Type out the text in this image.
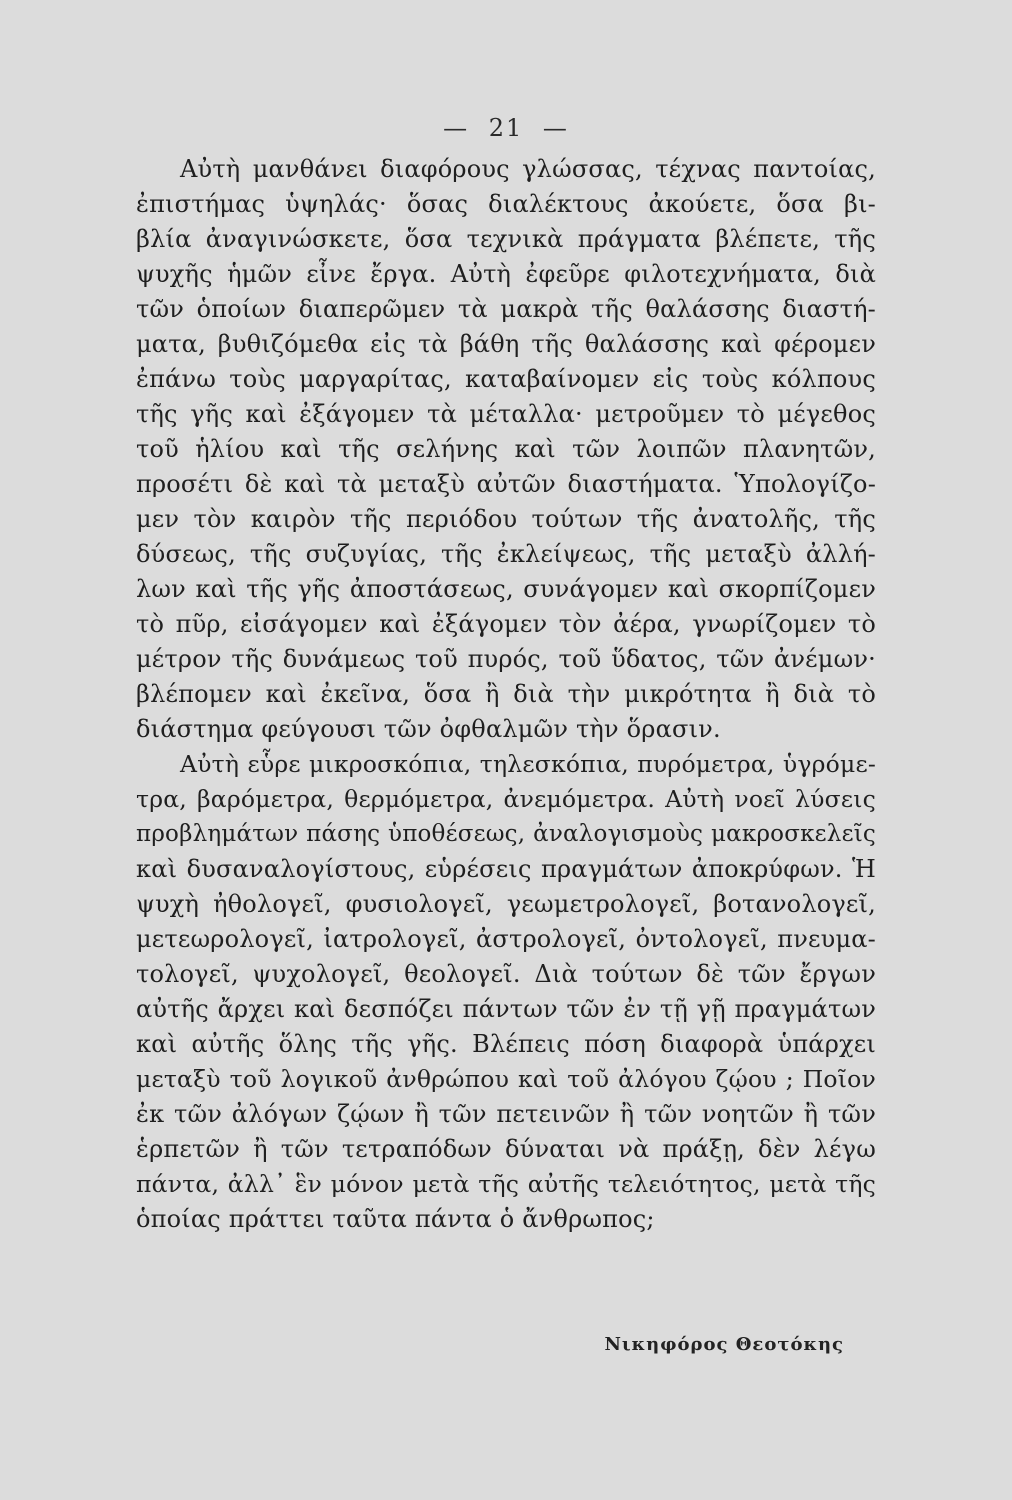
— 21 —
Αὐτὴ μανθάνει διαφόρους γλώσσας, τέχνας παντοίας,
ἐπιστήμας ὑψηλάς· ὅσας διαλέκτους ἀκούετε, ὅσα βι-
βλία ἀναγινώσκετε, ὅσα τεχνικὰ πράγματα βλέπετε, τῆς
ψυχῆς ἡμῶν εἶνε ἔργα. Αὐτὴ ἐφεῦρε φιλοτεχνήματα, διὰ
τῶν ὁποίων διαπερῶμεν τὰ μακρὰ τῆς θαλάσσης διαστή-
ματα, βυθιζόμεθα εἰς τὰ βάθη τῆς θαλάσσης καὶ φέρομεν
ἐπάνω τοὺς μαργαρίτας, καταβαίνομεν εἰς τοὺς κόλπους
τῆς γῆς καὶ ἐξάγομεν τὰ μέταλλα· μετροῦμεν τὸ μέγεθος
τοῦ ἡλίου καὶ τῆς σελήνης καὶ τῶν λοιπῶν πλανητῶν,
προσέτι δὲ καὶ τὰ μεταξὺ αὐτῶν διαστήματα. Ὑπολογίζο-
μεν τὸν καιρὸν τῆς περιόδου τούτων τῆς ἀνατολῆς, τῆς
δύσεως, τῆς συζυγίας, τῆς ἐκλείψεως, τῆς μεταξὺ ἀλλή-
λων καὶ τῆς γῆς ἀποστάσεως, συνάγομεν καὶ σκορπίζομεν
τὸ πῦρ, εἰσάγομεν καὶ ἐξάγομεν τὸν ἀέρα, γνωρίζομεν τὸ
μέτρον τῆς δυνάμεως τοῦ πυρός, τοῦ ὕδατος, τῶν ἀνέμων·
βλέπομεν καὶ ἐκεῖνα, ὅσα ἢ διὰ τὴν μικρότητα ἢ διὰ τὸ
διάστημα φεύγουσι τῶν ὀφθαλμῶν τὴν ὅρασιν.
Αὐτὴ εὗρε μικροσκόπια, τηλεσκόπια, πυρόμετρα, ὑγρόμε-
τρα, βαρόμετρα, θερμόμετρα, ἀνεμόμετρα. Αὐτὴ νοεῖ λύσεις
προβλημάτων πάσης ὑποθέσεως, ἀναλογισμοὺς μακροσκελεῖς
καὶ δυσαναλογίστους, εὑρέσεις πραγμάτων ἀποκρύφων. Ἡ
ψυχὴ ἠθολογεῖ, φυσιολογεῖ, γεωμετρολογεῖ, βοτανολογεῖ,
μετεωρολογεῖ, ἰατρολογεῖ, ἀστρολογεῖ, ὀντολογεῖ, πνευμα-
τολογεῖ, ψυχολογεῖ, θεολογεῖ. Διὰ τούτων δὲ τῶν ἔργων
αὐτῆς ἄρχει καὶ δεσπόζει πάντων τῶν ἐν τῇ γῇ πραγμάτων
καὶ αὐτῆς ὅλης τῆς γῆς. Βλέπεις πόση διαφορὰ ὑπάρχει
μεταξὺ τοῦ λογικοῦ ἀνθρώπου καὶ τοῦ ἀλόγου ζῴου ; Ποῖον
ἐκ τῶν ἀλόγων ζῴων ἢ τῶν πετεινῶν ἢ τῶν νοητῶν ἢ τῶν
ἑρπετῶν ἢ τῶν τετραπόδων δύναται νὰ πράξῃ, δὲν λέγω
πάντα, ἀλλ᾽ ἓν μόνον μετὰ τῆς αὐτῆς τελειότητος, μετὰ τῆς
ὁποίας πράττει ταῦτα πάντα ὁ ἄνθρωπος;
Νικηφόρος Θεοτόκης
